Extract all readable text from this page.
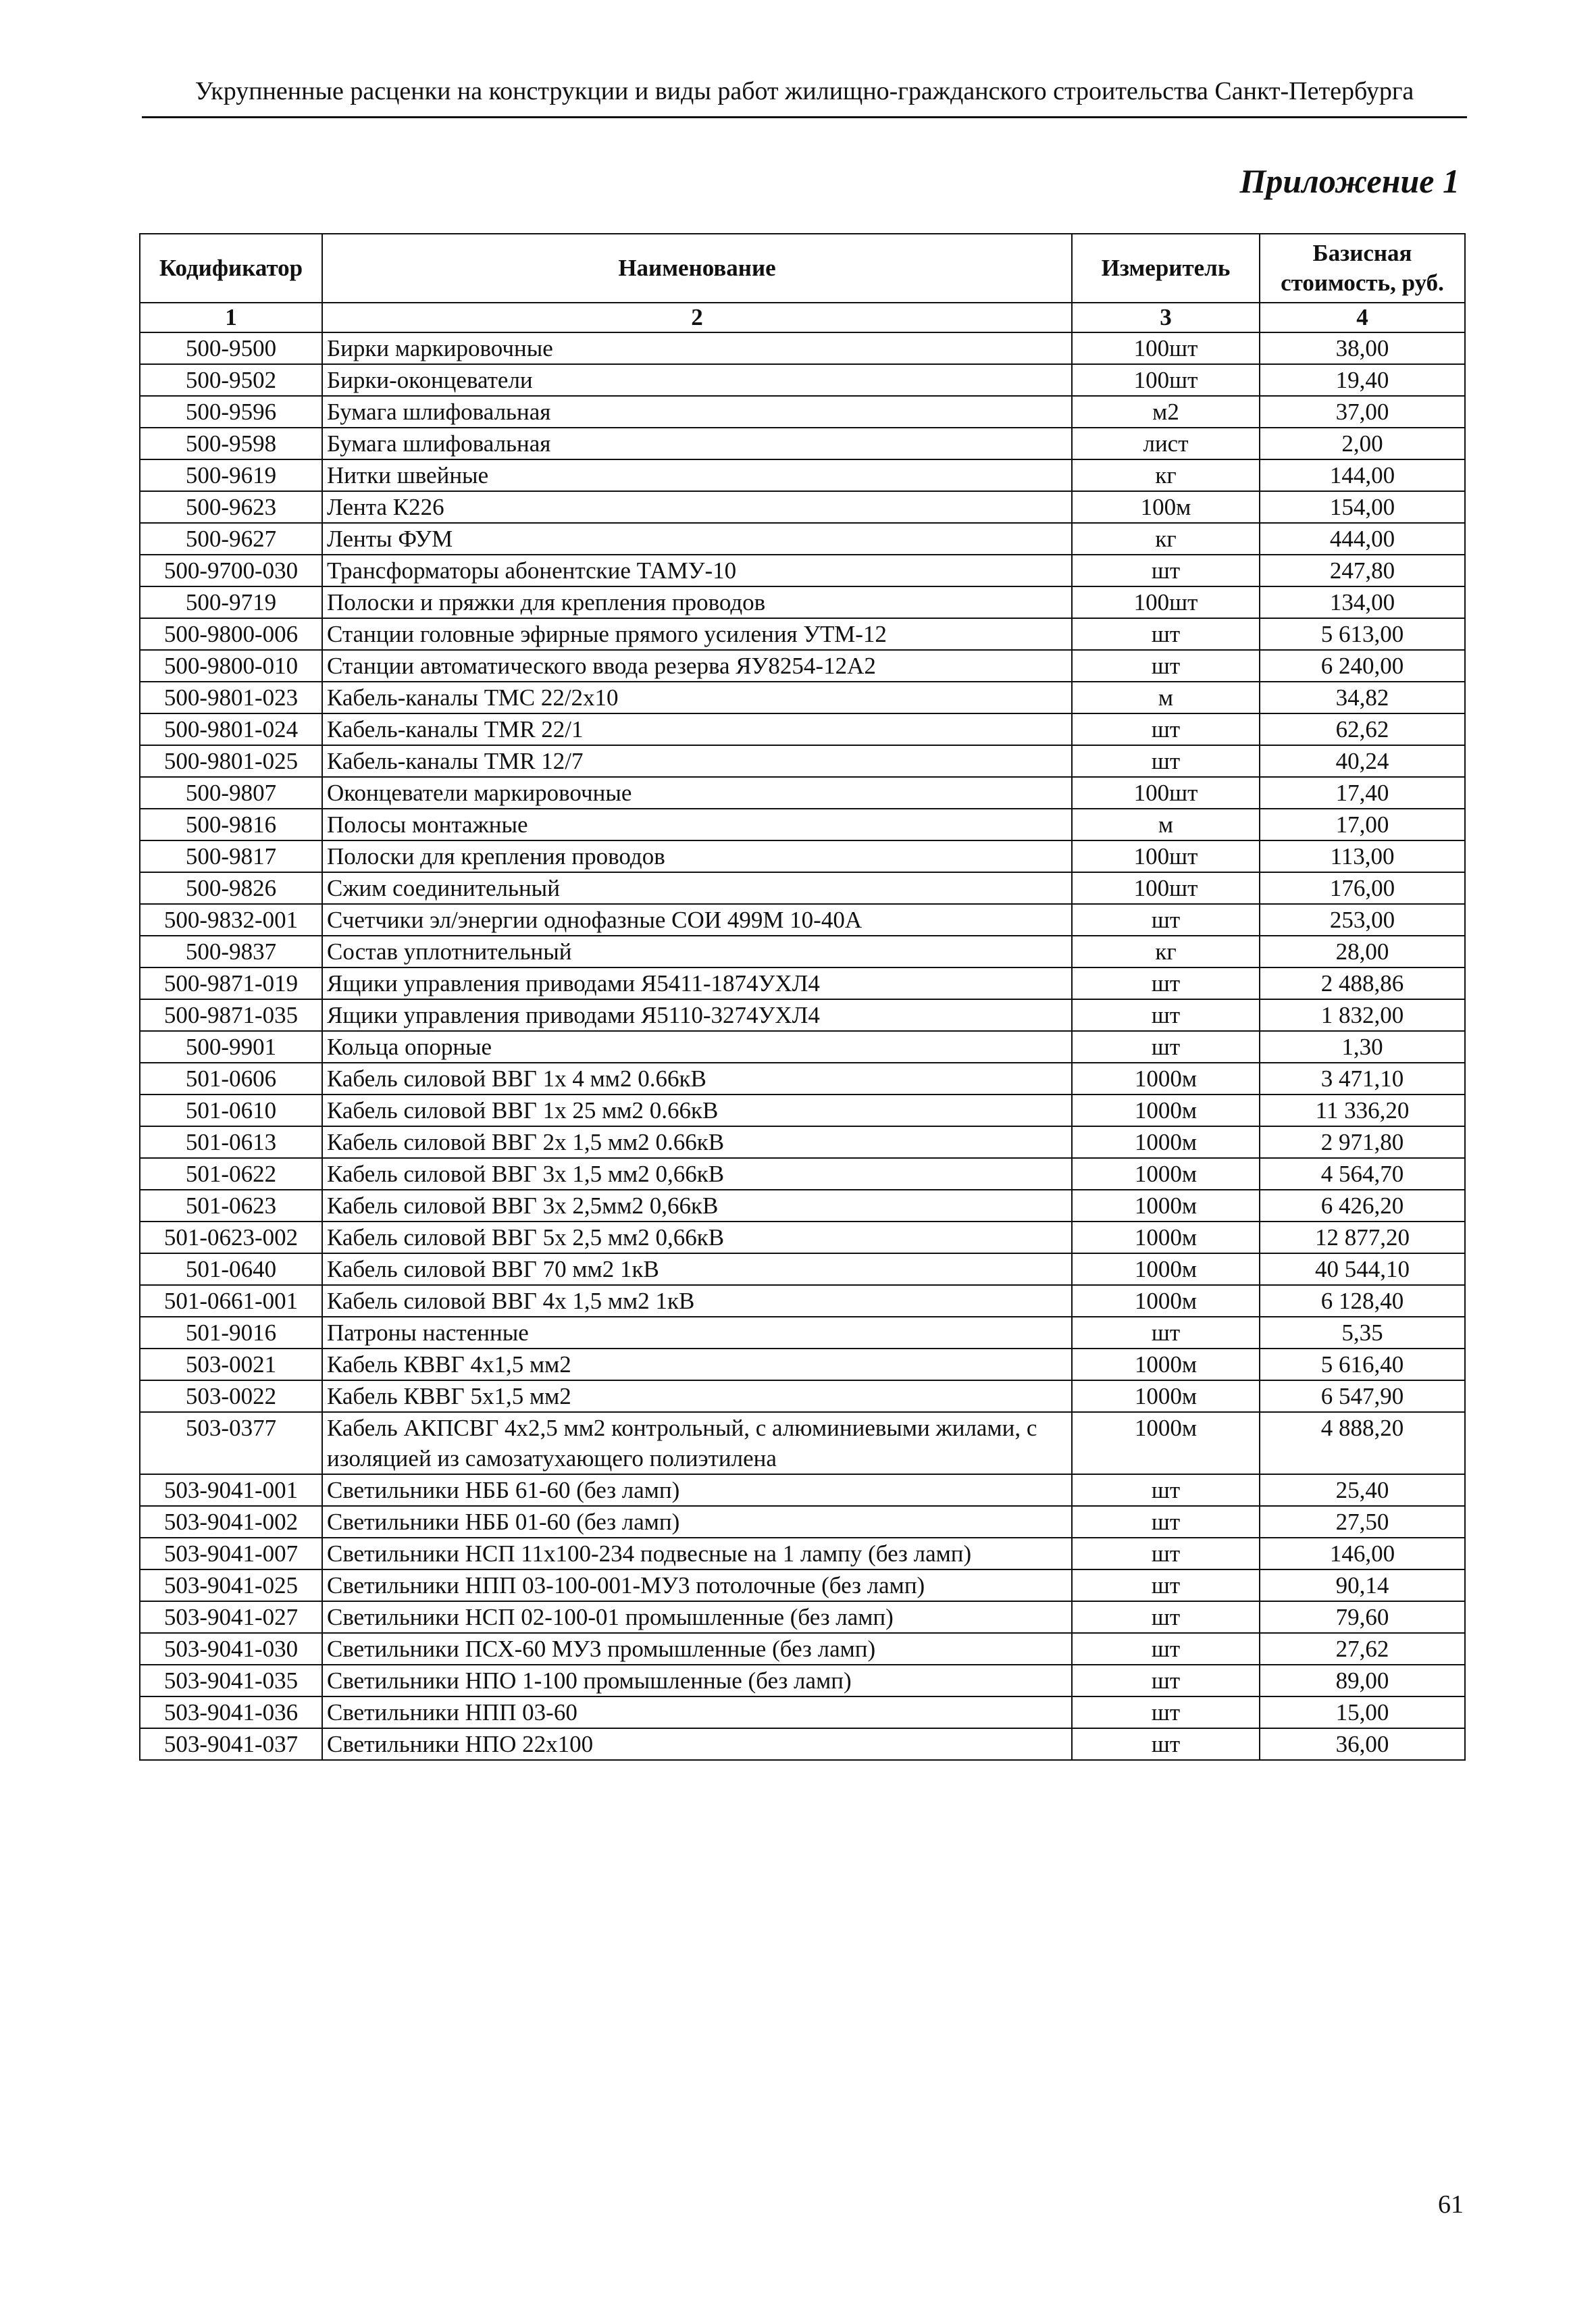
Укрупненные расценки на конструкции и виды работ жилищно-гражданского строительства Санкт-Петербурга
Приложение 1
Кодификатор	Наименование	Измеритель	Базисная стоимость, руб.
1	2	3	4
500-9500	Бирки маркировочные	100шт	38,00
500-9502	Бирки-оконцеватели	100шт	19,40
500-9596	Бумага шлифовальная	м2	37,00
500-9598	Бумага шлифовальная	лист	2,00
500-9619	Нитки швейные	кг	144,00
500-9623	Лента К226	100м	154,00
500-9627	Ленты ФУМ	кг	444,00
500-9700-030	Трансформаторы абонентские ТАМУ-10	шт	247,80
500-9719	Полоски и пряжки для крепления проводов	100шт	134,00
500-9800-006	Станции головные эфирные прямого усиления УТМ-12	шт	5 613,00
500-9800-010	Станции автоматического ввода резерва ЯУ8254-12А2	шт	6 240,00
500-9801-023	Кабель-каналы ТМС 22/2х10	м	34,82
500-9801-024	Кабель-каналы TMR 22/1	шт	62,62
500-9801-025	Кабель-каналы TMR 12/7	шт	40,24
500-9807	Оконцеватели маркировочные	100шт	17,40
500-9816	Полосы монтажные	м	17,00
500-9817	Полоски для крепления проводов	100шт	113,00
500-9826	Сжим соединительный	100шт	176,00
500-9832-001	Счетчики эл/энергии однофазные СОИ 499М 10-40А	шт	253,00
500-9837	Состав уплотнительный	кг	28,00
500-9871-019	Ящики управления приводами Я5411-1874УХЛ4	шт	2 488,86
500-9871-035	Ящики управления приводами Я5110-3274УХЛ4	шт	1 832,00
500-9901	Кольца опорные	шт	1,30
501-0606	Кабель силовой ВВГ 1х 4 мм2 0.66кВ	1000м	3 471,10
501-0610	Кабель силовой ВВГ 1х 25 мм2 0.66кВ	1000м	11 336,20
501-0613	Кабель силовой ВВГ 2х 1,5 мм2 0.66кВ	1000м	2 971,80
501-0622	Кабель силовой ВВГ 3х 1,5 мм2 0,66кВ	1000м	4 564,70
501-0623	Кабель силовой ВВГ 3х 2,5мм2 0,66кВ	1000м	6 426,20
501-0623-002	Кабель силовой ВВГ 5х 2,5 мм2 0,66кВ	1000м	12 877,20
501-0640	Кабель силовой ВВГ 70 мм2 1кВ	1000м	40 544,10
501-0661-001	Кабель силовой ВВГ 4х 1,5 мм2 1кВ	1000м	6 128,40
501-9016	Патроны настенные	шт	5,35
503-0021	Кабель КВВГ 4х1,5 мм2	1000м	5 616,40
503-0022	Кабель КВВГ 5х1,5 мм2	1000м	6 547,90
503-0377	Кабель АКПСВГ 4х2,5 мм2 контрольный, с алюминиевыми жилами, с изоляцией из самозатухающего полиэтилена	1000м	4 888,20
503-9041-001	Светильники НББ 61-60 (без ламп)	шт	25,40
503-9041-002	Светильники НББ 01-60 (без ламп)	шт	27,50
503-9041-007	Светильники НСП 11х100-234 подвесные на 1 лампу (без ламп)	шт	146,00
503-9041-025	Светильники НПП 03-100-001-МУ3 потолочные (без ламп)	шт	90,14
503-9041-027	Светильники НСП 02-100-01 промышленные (без ламп)	шт	79,60
503-9041-030	Светильники ПСХ-60 МУ3 промышленные (без ламп)	шт	27,62
503-9041-035	Светильники НПО 1-100 промышленные (без ламп)	шт	89,00
503-9041-036	Светильники НПП 03-60	шт	15,00
503-9041-037	Светильники НПО 22х100	шт	36,00
61
